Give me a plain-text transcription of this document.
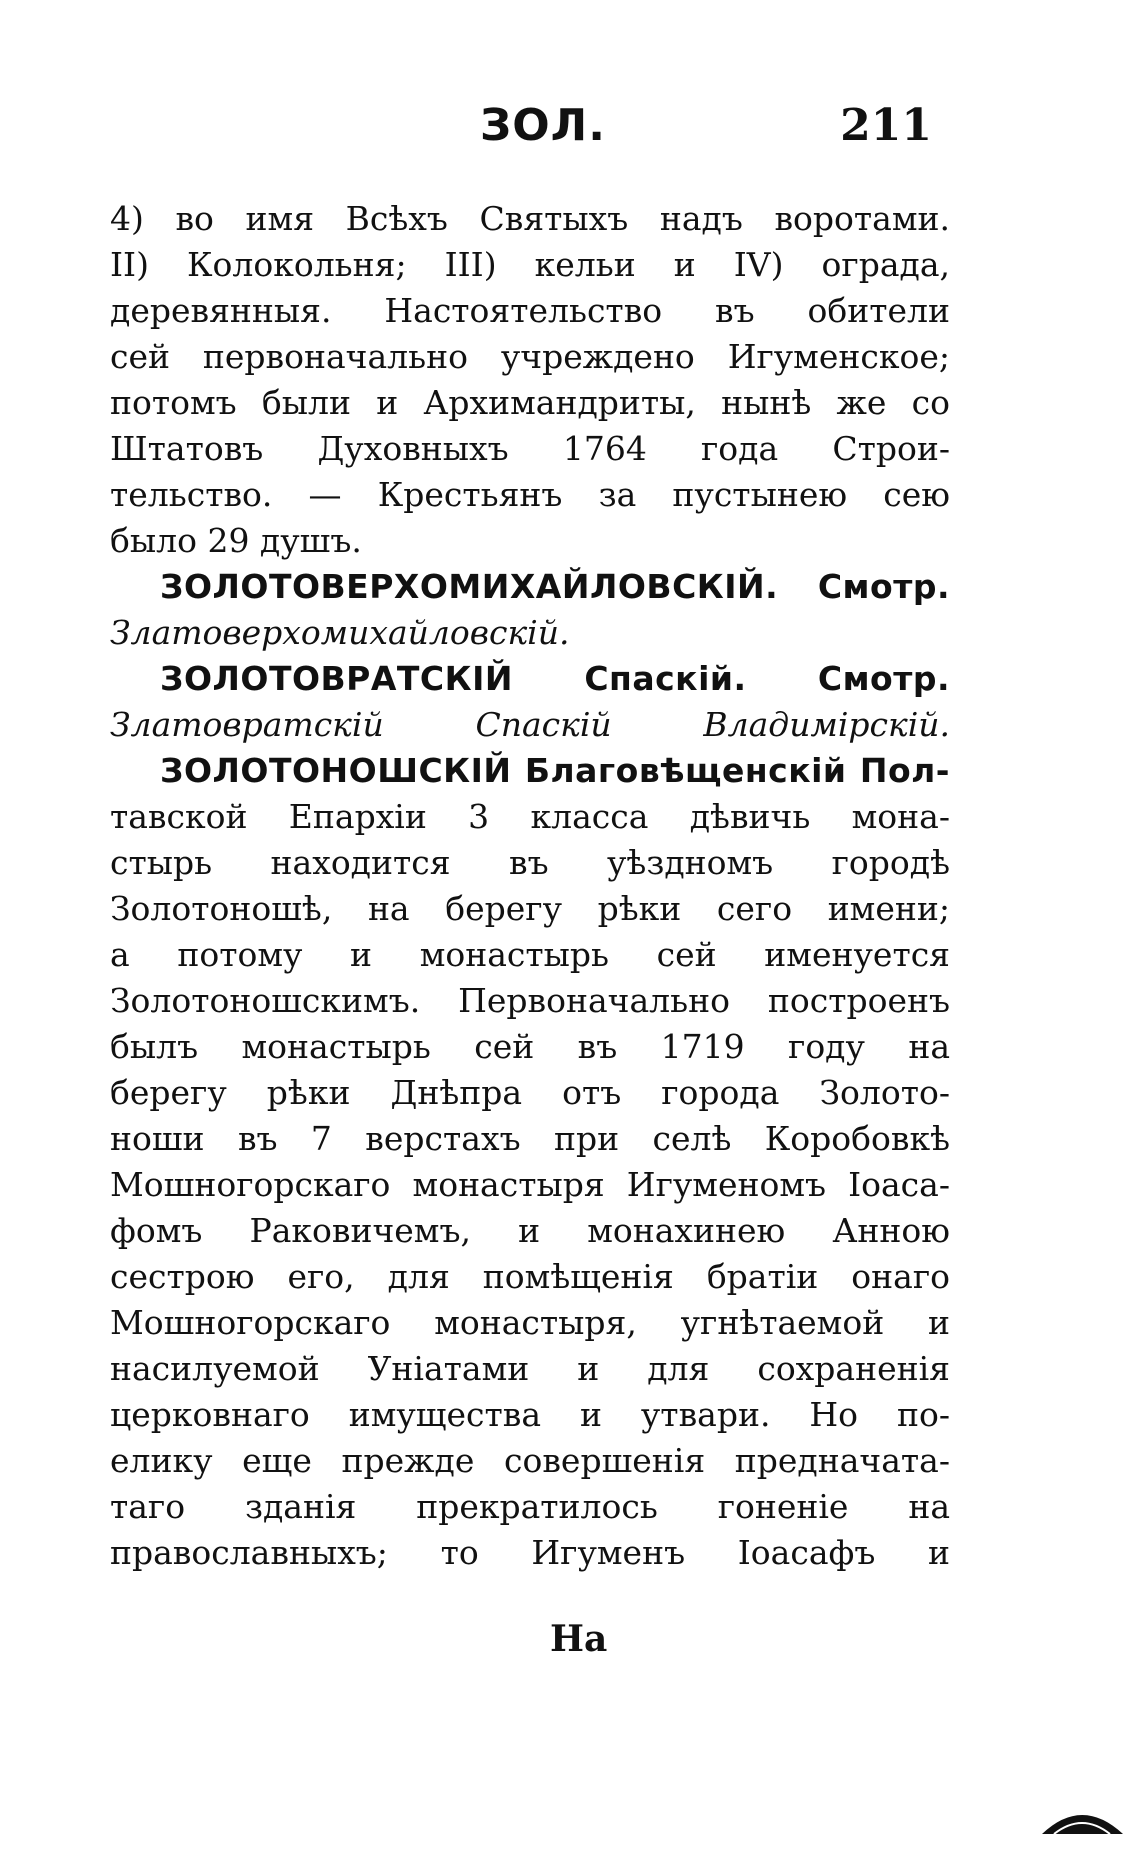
ЗОЛ.	211
4) во имя Всѣхъ Святыхъ надъ воротами.
II) Колокольня; III) кельи и IV) ограда,
деревянныя. Настоятельство въ обители
сей первоначально учреждено Игуменское;
потомъ были и Архимандриты, нынѣ же со
Штатовъ Духовныхъ 1764 года Строи-
тельство. — Крестьянъ за пустынею сею
было 29 душъ.
ЗОЛОТОВЕРХОМИХАЙЛОВСКІЙ. Смотр.
Златоверхомихайловскій.
ЗОЛОТОВРАТСКІЙ Спаскій. Смотр.
Златовратскій Спаскій Владимірскій.
ЗОЛОТОНОШСКІЙ Благовѣщенскій Пол-
тавской Епархіи 3 класса дѣвичь мона-
стырь находится въ уѣздномъ городѣ
Золотоношѣ, на берегу рѣки сего имени;
а потому и монастырь сей именуется
Золотоношскимъ. Первоначально построенъ
былъ монастырь сей въ 1719 году на
берегу рѣки Днѣпра отъ города Золото-
ноши въ 7 верстахъ при селѣ Коробовкѣ
Мошногорскаго монастыря Игуменомъ Іоаса-
фомъ Раковичемъ, и монахинею Анною
сестрою его, для помѣщенія братіи онаго
Мошногорскаго монастыря, угнѣтаемой и
насилуемой Уніатами и для сохраненія
церковнаго имущества и утвари. Но по-
елику еще прежде совершенія предначата-
таго зданія прекратилось гоненіе на
православныхъ; то Игуменъ Іоасафъ и
На
